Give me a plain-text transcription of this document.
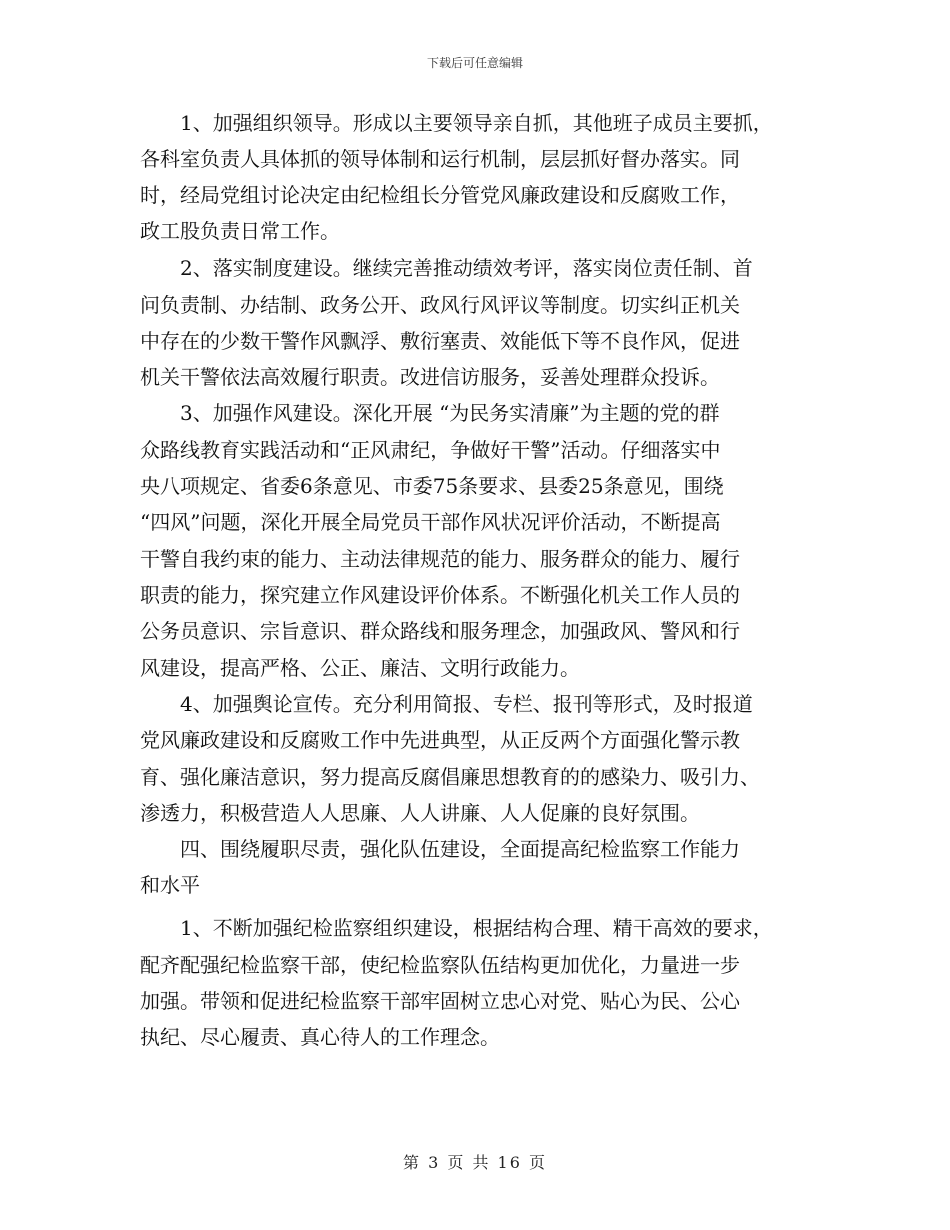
下载后可任意编辑
1、加强组织领导。形成以主要领导亲自抓，其他班子成员主要抓，
各科室负责人具体抓的领导体制和运行机制，层层抓好督办落实。同
时，经局党组讨论决定由纪检组长分管党风廉政建设和反腐败工作，
政工股负责日常工作。
2、落实制度建设。继续完善推动绩效考评，落实岗位责任制、首
问负责制、办结制、政务公开、政风行风评议等制度。切实纠正机关
中存在的少数干警作风飘浮、敷衍塞责、效能低下等不良作风，促进
机关干警依法高效履行职责。改进信访服务，妥善处理群众投诉。
3、加强作风建设。深化开展 “为民务实清廉”为主题的党的群
众路线教育实践活动和“正风肃纪，争做好干警”活动。仔细落实中
央八项规定、省委6条意见、市委75条要求、县委25条意见，围绕
“四风”问题，深化开展全局党员干部作风状况评价活动，不断提高
干警自我约束的能力、主动法律规范的能力、服务群众的能力、履行
职责的能力，探究建立作风建设评价体系。不断强化机关工作人员的
公务员意识、宗旨意识、群众路线和服务理念，加强政风、警风和行
风建设，提高严格、公正、廉洁、文明行政能力。
4、加强舆论宣传。充分利用简报、专栏、报刊等形式，及时报道
党风廉政建设和反腐败工作中先进典型，从正反两个方面强化警示教
育、强化廉洁意识，努力提高反腐倡廉思想教育的的感染力、吸引力、
渗透力，积极营造人人思廉、人人讲廉、人人促廉的良好氛围。
四、围绕履职尽责，强化队伍建设，全面提高纪检监察工作能力
和水平
1、不断加强纪检监察组织建设，根据结构合理、精干高效的要求，
配齐配强纪检监察干部，使纪检监察队伍结构更加优化，力量进一步
加强。带领和促进纪检监察干部牢固树立忠心对党、贴心为民、公心
执纪、尽心履责、真心待人的工作理念。
第 3 页 共 16 页
